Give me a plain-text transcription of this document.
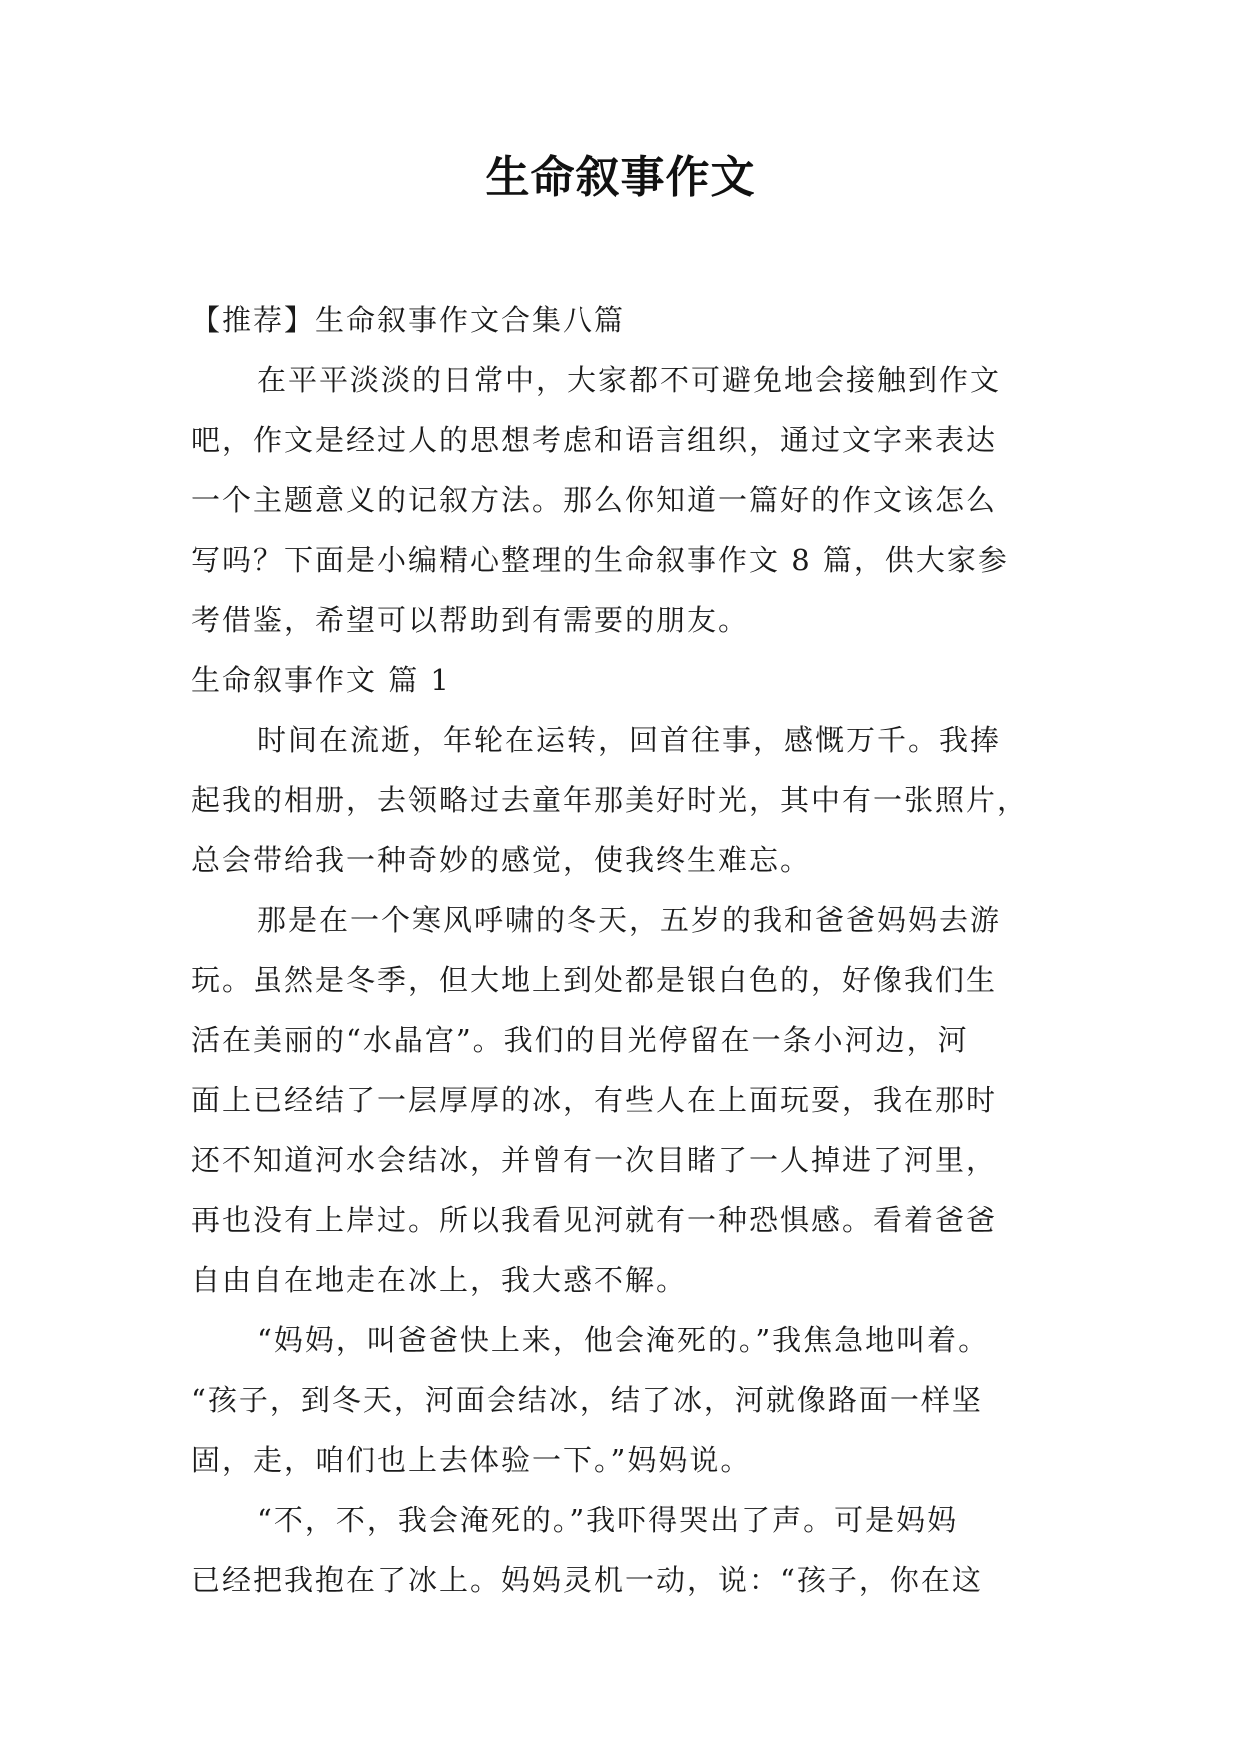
生命叙事作文
【推荐】生命叙事作文合集八篇
在平平淡淡的日常中，大家都不可避免地会接触到作文
吧，作文是经过人的思想考虑和语言组织，通过文字来表达
一个主题意义的记叙方法。那么你知道一篇好的作文该怎么
写吗？下面是小编精心整理的生命叙事作文 8 篇，供大家参
考借鉴，希望可以帮助到有需要的朋友。
生命叙事作文 篇 1
时间在流逝，年轮在运转，回首往事，感慨万千。我捧
起我的相册，去领略过去童年那美好时光，其中有一张照片，
总会带给我一种奇妙的感觉，使我终生难忘。
那是在一个寒风呼啸的冬天，五岁的我和爸爸妈妈去游
玩。虽然是冬季，但大地上到处都是银白色的，好像我们生
活在美丽的“水晶宫”。我们的目光停留在一条小河边，河
面上已经结了一层厚厚的冰，有些人在上面玩耍，我在那时
还不知道河水会结冰，并曾有一次目睹了一人掉进了河里，
再也没有上岸过。所以我看见河就有一种恐惧感。看着爸爸
自由自在地走在冰上，我大惑不解。
“妈妈，叫爸爸快上来，他会淹死的。”我焦急地叫着。
“孩子，到冬天，河面会结冰，结了冰，河就像路面一样坚
固，走，咱们也上去体验一下。”妈妈说。
“不，不，我会淹死的。”我吓得哭出了声。可是妈妈
已经把我抱在了冰上。妈妈灵机一动，说：“孩子，你在这
